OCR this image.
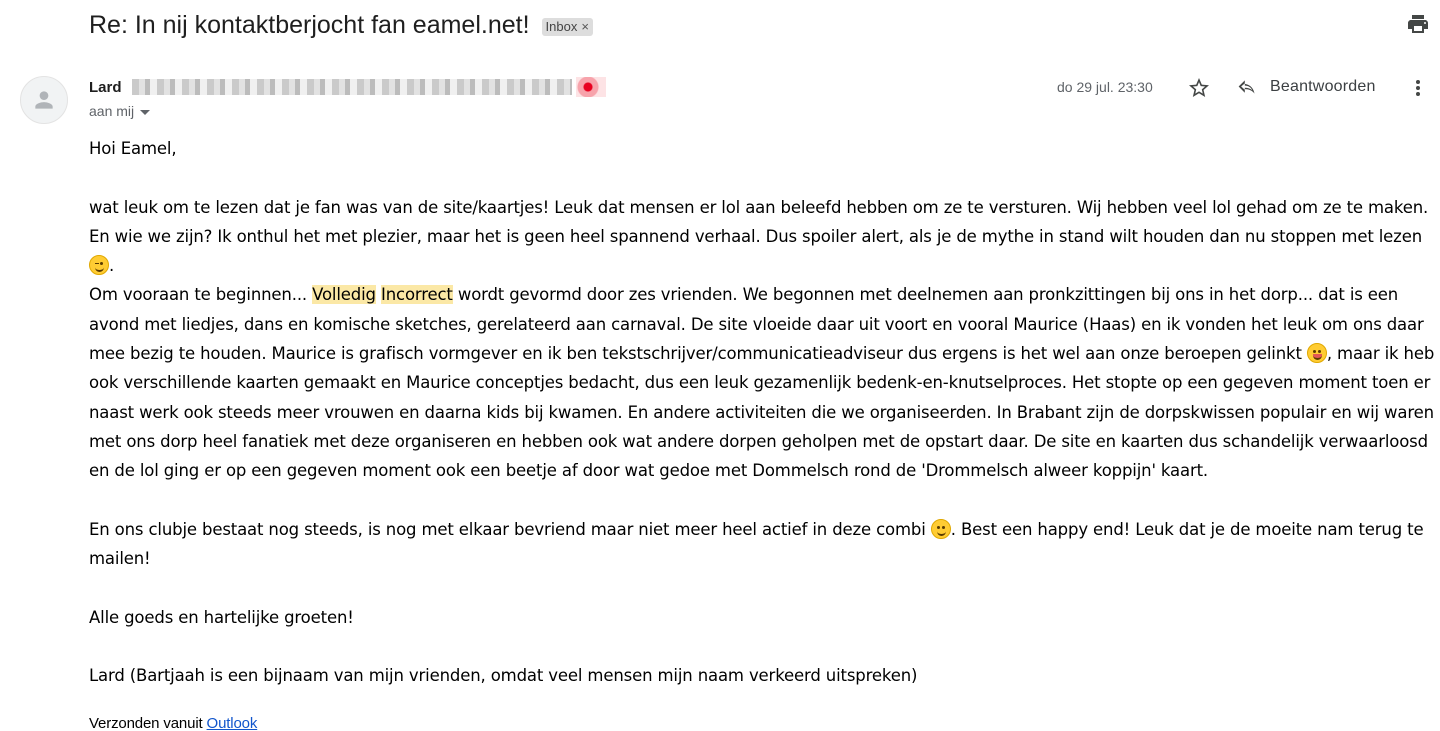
Re: In nij kontaktberjocht fan eamel.net! Inbox ×
Lard
aan mij
do 29 jul. 23:30	Beantwoorden

Hoi Eamel,

wat leuk om te lezen dat je fan was van de site/kaartjes! Leuk dat mensen er lol aan beleefd hebben om ze te versturen. Wij hebben veel lol gehad om ze te maken. En wie we zijn? Ik onthul het met plezier, maar het is geen heel spannend verhaal. Dus spoiler alert, als je de mythe in stand wilt houden dan nu stoppen met lezen
.
Om vooraan te beginnen... Volledig Incorrect wordt gevormd door zes vrienden. We begonnen met deelnemen aan pronkzittingen bij ons in het dorp... dat is een avond met liedjes, dans en komische sketches, gerelateerd aan carnaval. De site vloeide daar uit voort en vooral Maurice (Haas) en ik vonden het leuk om ons daar mee bezig te houden. Maurice is grafisch vormgever en ik ben tekstschrijver/communicatieadviseur dus ergens is het wel aan onze beroepen gelinkt
, maar ik heb ook verschillende kaarten gemaakt en Maurice conceptjes bedacht, dus een leuk gezamenlijk bedenk-en-knutselproces. Het stopte op een gegeven moment toen er naast werk ook steeds meer vrouwen en daarna kids bij kwamen. En andere activiteiten die we organiseerden. In Brabant zijn de dorpskwissen populair en wij waren met ons dorp heel fanatiek met deze organiseren en hebben ook wat andere dorpen geholpen met de opstart daar. De site en kaarten dus schandelijk verwaarloosd en de lol ging er op een gegeven moment ook een beetje af door wat gedoe met Dommelsch rond de 'Drommelsch alweer koppijn' kaart.

En ons clubje bestaat nog steeds, is nog met elkaar bevriend maar niet meer heel actief in deze combi
. Best een happy end! Leuk dat je de moeite nam terug te mailen!

Alle goeds en hartelijke groeten!

Lard (Bartjaah is een bijnaam van mijn vrienden, omdat veel mensen mijn naam verkeerd uitspreken)

Verzonden vanuit Outlook
